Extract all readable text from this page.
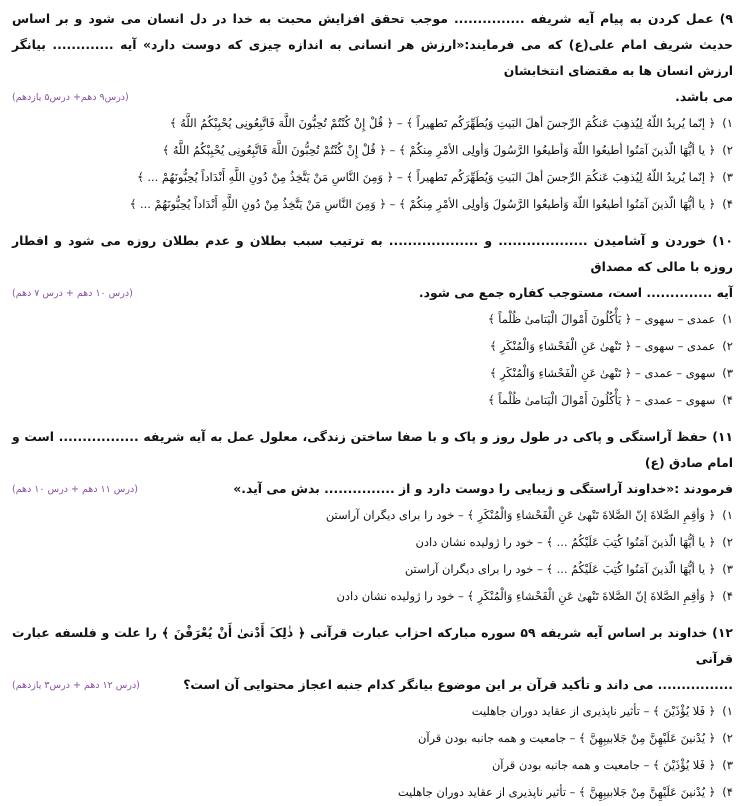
۹) عمل کردن به پیام آیه شریفه ............... موجب تحقق افزایش محبت به خدا در دل انسان می شود و بر اساس حدیث شریف امام علی(ع) که می فرمایند:«ارزش هر انسانی به اندازه چیزی که دوست دارد» آیه ............. بیانگر ارزش انسان ها به مقتضای انتخابشان
می باشد.
(درس۹ دهم+ درس۵ یازدهم)
۱) ﴿ إنّما یُریدُ اللّهُ لِیُذهِبَ عَنکُمَ الرِّجسَ أهلَ البَیتِ وَیُطَهِّرَکُم تَطهیراً ﴾ – ﴿ قُلْ إِنْ کُنْتُمْ تُحِبُّونَ اللَّهَ فَاتَّبِعُونِی یُحْبِبْکُمُ اللَّهُ ﴾
۲) ﴿ یا أیُّهَا الّذینَ آمَنُوا أطیعُوا اللّهَ وَأطیعُوا الرَّسُولَ وَأولِی الأمْرِ مِنکُمْ ﴾ – ﴿ قُلْ إِنْ کُنْتُمْ تُحِبُّونَ اللَّهَ فَاتَّبِعُونِی یُحْبِبْکُمُ اللَّهُ ﴾
۳) ﴿ إنّما یُریدُ اللّهُ لِیُذهِبَ عَنکُمَ الرِّجسَ أهلَ البَیتِ وَیُطَهِّرَکُم تَطهیراً ﴾ – ﴿ وَمِنَ النَّاسِ مَنْ یَتَّخِذُ مِنْ دُونِ اللَّهِ أَنْدَاداً یُحِبُّونَهُمْ ... ﴾
۴) ﴿ یا أیُّهَا الّذینَ آمَنُوا أطیعُوا اللّهَ وَأطیعُوا الرَّسُولَ وَأولِی الأمْرِ مِنکُمْ ﴾ – ﴿ وَمِنَ النَّاسِ مَنْ یَتَّخِذُ مِنْ دُونِ اللَّهِ أَنْدَاداً یُحِبُّونَهُمْ ... ﴾
۱۰) خوردن و آشامیدن ................... و ................... به ترتیب سبب بطلان و عدم بطلان روزه می شود و افطار روزه با مالی که مصداق
آیه .............. است، مستوجب کفاره جمع می شود.
(درس ۱۰ دهم + درس ۷ دهم)
۱) عمدی – سهوی – ﴿ یَأْکُلُونَ أَمْوالَ الْیَتامیٰ ظُلْماً ﴾
۲) عمدی – سهوی – ﴿ تَنْهیٰ عَنِ الْفَحْشاءِ وَالْمُنْکَرِ ﴾
۳) سهوی – عمدی – ﴿ تَنْهیٰ عَنِ الْفَحْشاءِ وَالْمُنْکَرِ ﴾
۴) سهوی – عمدی – ﴿ یَأْکُلُونَ أَمْوالَ الْیَتامیٰ ظُلْماً ﴾
۱۱) حفظ آراستگی و پاکی در طول روز و پاک و با صفا ساختن زندگی، معلول عمل به آیه شریفه ................. است و امام صادق (ع)
فرمودند :«خداوند آراستگی و زیبایی را دوست دارد و از ............... بدش می آید.»
(درس ۱۱ دهم + درس ۱۰ دهم)
۱) ﴿ وَأقِمِ الصَّلاةَ إنّ الصَّلاةَ تَنْهیٰ عَنِ الْفَحْشاءِ وَالْمُنْکَرِ ﴾ – خود را برای دیگران آراستن
۲) ﴿ یا أیُّهَا الّذینَ آمَنُوا کُتِبَ عَلَیْکُمُ ... ﴾ – خود را ژولیده نشان دادن
۳) ﴿ یا أیُّهَا الّذینَ آمَنُوا کُتِبَ عَلَیْکُمُ ... ﴾ – خود را برای دیگران آراستن
۴) ﴿ وَأقِمِ الصَّلاةَ إنّ الصَّلاةَ تَنْهیٰ عَنِ الْفَحْشاءِ وَالْمُنْکَرِ ﴾ – خود را ژولیده نشان دادن
۱۲) خداوند بر اساس آیه شریفه ۵۹ سوره مبارکه احزاب عبارت قرآنی ﴿ ذٰلِکَ أَدْنیٰ أَنْ یُعْرَفْنَ ﴾ را علت و فلسفه عبارت قرآنی
................ می داند و تأکید قرآن بر این موضوع بیانگر کدام جنبه اعجاز محتوایی آن است؟
(درس ۱۲ دهم + درس۳ یازدهم)
۱) ﴿ فَلا یُؤْذَیْنَ ﴾ – تأثیر ناپذیری از عقاید دوران جاهلیت
۲) ﴿ یُدْنینَ عَلَیْهِنَّ مِنْ جَلابیبِهِنَّ ﴾ – جامعیت و همه جانبه بودن قرآن
۳) ﴿ فَلا یُؤْذَیْنَ ﴾ – جامعیت و همه جانبه بودن قرآن
۴) ﴿ یُدْنینَ عَلَیْهِنَّ مِنْ جَلابیبِهِنَّ ﴾ – تأثیر ناپذیری از عقاید دوران جاهلیت
